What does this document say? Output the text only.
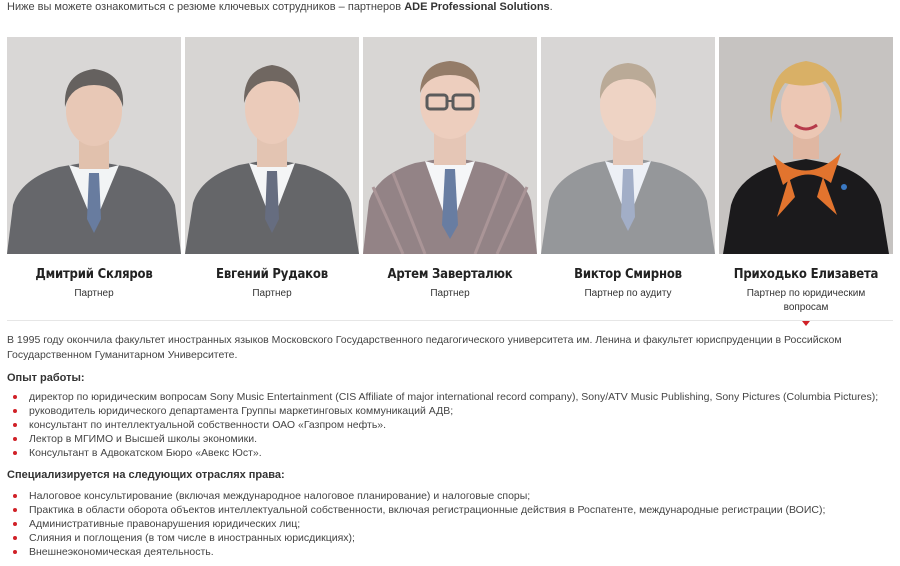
Ниже вы можете ознакомиться с резюме ключевых сотрудников – партнеров ADE Professional Solutions.
Дмитрий Скляров
Партнер
Евгений Рудаков
Партнер
Артем Заверталюк
Партнер
Виктор Смирнов
Партнер по аудиту
Приходько Елизавета
Партнер по юридическим вопросам

В 1995 году окончила факультет иностранных языков Московского Государственного педагогического университета им. Ленина и факультет юриспруденции в Российском Государственном Гуманитарном Университете.

Опыт работы:
директор по юридическим вопросам Sony Music Entertainment (CIS Affiliate of major international record company), Sony/ATV Music Publishing, Sony Pictures (Columbia Pictures);
руководитель юридического департамента Группы маркетинговых коммуникаций АДВ;
консультант по интеллектуальной собственности ОАО «Газпром нефть».
Лектор в МГИМО и Высшей школы экономики.
Консультант в Адвокатском Бюро «Авекс Юст».
Специализируется на следующих отраслях права:
Налоговое консультирование (включая международное налоговое планирование) и налоговые споры;
Практика в области оборота объектов интеллектуальной собственности, включая регистрационные действия в Роспатенте, международные регистрации (ВОИС);
Административные правонарушения юридических лиц;
Слияния и поглощения (в том числе в иностранных юрисдикциях);
Внешнеэкономическая деятельность.
